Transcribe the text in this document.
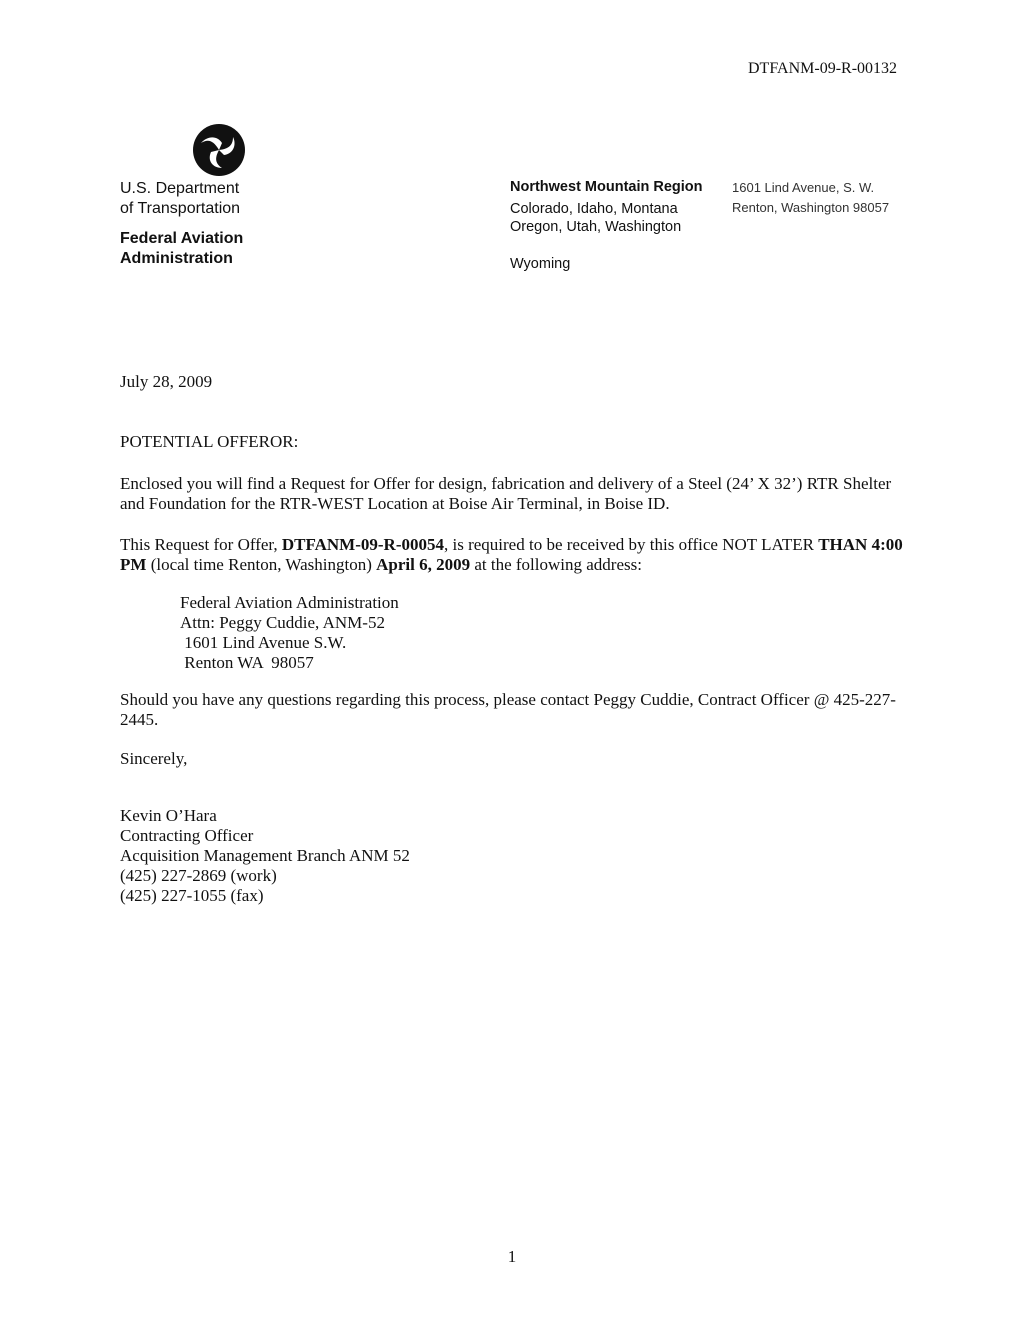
DTFANM-09-R-00132
U.S. Department
of Transportation
Federal Aviation
Administration
Northwest Mountain Region
Colorado, Idaho, Montana
Oregon, Utah, Washington
Wyoming
1601 Lind Avenue, S. W.
Renton, Washington 98057
July 28, 2009
POTENTIAL OFFEROR:
Enclosed you will find a Request for Offer for design, fabrication and delivery of a Steel (24’ X 32’) RTR Shelter and Foundation for the RTR-WEST Location at Boise Air Terminal, in Boise ID.
This Request for Offer, DTFANM-09-R-00054, is required to be received by this office NOT LATER THAN 4:00 PM (local time Renton, Washington) April 6, 2009 at the following address:
Federal Aviation Administration
Attn: Peggy Cuddie, ANM-52
1601 Lind Avenue S.W.
Renton WA  98057
Should you have any questions regarding this process, please contact Peggy Cuddie, Contract Officer @ 425-227-2445.
Sincerely,
Kevin O’Hara
Contracting Officer
Acquisition Management Branch ANM 52
(425) 227-2869 (work)
(425) 227-1055 (fax)
1
